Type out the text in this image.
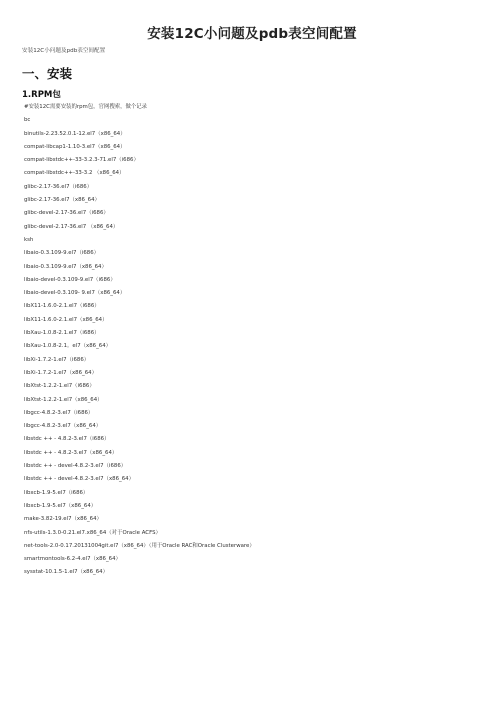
安装12C小问题及pdb表空间配置
安装12C小问题及pdb表空间配置
一、安装
1.RPM包
#安装12C需要安装的rpm包，官网搜索，做个记录
bc
binutils-2.23.52.0.1-12.el7（x86_64）
compat-libcap1-1.10-3.el7（x86_64）
compat-libstdc++-33-3.2.3-71.el7（i686）
compat-libstdc++-33-3.2 （x86_64）
glibc-2.17-36.el7（i686）
glibc-2.17-36.el7（x86_64）
glibc-devel-2.17-36.el7（i686）
glibc-devel-2.17-36.el7 （x86_64）
ksh
libaio-0.3.109-9.el7（i686）
libaio-0.3.109-9.el7（x86_64）
libaio-devel-0.3.109-9.el7（i686）
libaio-devel-0.3.109- 9.el7（x86_64）
libX11-1.6.0-2.1.el7（i686）
libX11-1.6.0-2.1.el7（x86_64）
libXau-1.0.8-2.1.el7（i686）
libXau-1.0.8-2.1。el7（x86_64）
libXi-1.7.2-1.el7（i686）
libXi-1.7.2-1.el7（x86_64）
libXtst-1.2.2-1.el7（i686）
libXtst-1.2.2-1.el7（x86_64）
libgcc-4.8.2-3.el7（i686）
libgcc-4.8.2-3.el7（x86_64）
libstdc ++ - 4.8.2-3.el7（i686）
libstdc ++ - 4.8.2-3.el7（x86_64）
libstdc ++ - devel-4.8.2-3.el7（i686）
libstdc ++ - devel-4.8.2-3.el7（x86_64）
libxcb-1.9-5.el7（i686）
libxcb-1.9-5.el7（x86_64）
make-3.82-19.el7（x86_64）
nfs-utils-1.3.0-0.21.el7.x86_64（对于Oracle ACFS）
net-tools-2.0-0.17.20131004git.el7（x86_64）（用于Oracle RAC和Oracle Clusterware）
smartmontools-6.2-4.el7（x86_64）
sysstat-10.1.5-1.el7（x86_64）
